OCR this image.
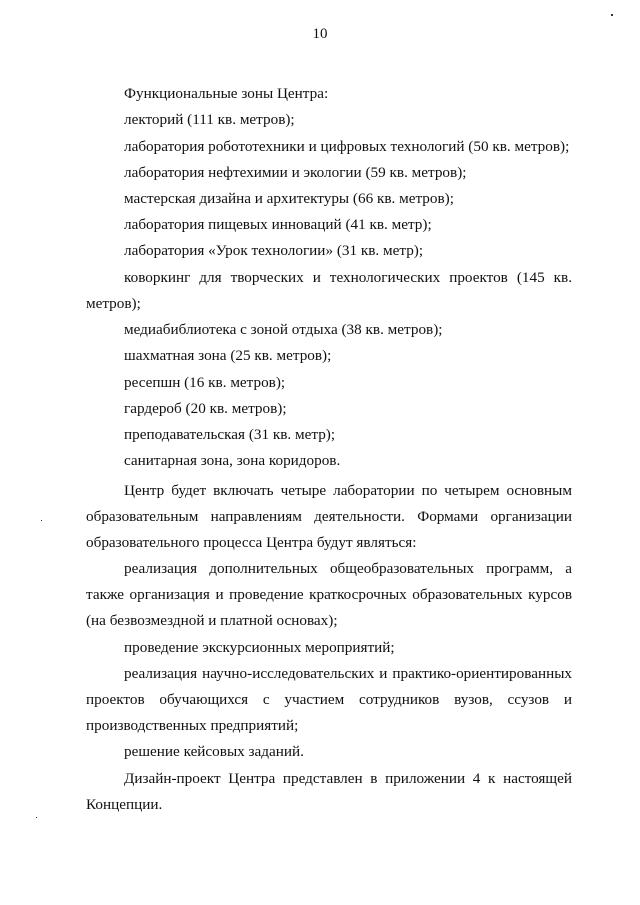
10
Функциональные зоны Центра:
лекторий (111 кв. метров);
лаборатория робототехники и цифровых технологий (50 кв. метров);
лаборатория нефтехимии и экологии (59 кв. метров);
мастерская дизайна и архитектуры (66 кв. метров);
лаборатория пищевых инноваций (41 кв. метр);
лаборатория «Урок технологии» (31 кв. метр);
коворкинг для творческих и технологических проектов (145 кв.
метров);
медиабиблиотека с зоной отдыха (38 кв. метров);
шахматная зона (25 кв. метров);
ресепшн (16 кв. метров);
гардероб (20 кв. метров);
преподавательская (31 кв. метр);
санитарная зона, зона коридоров.
Центр будет включать четыре лаборатории по четырем основным
образовательным направлениям деятельности. Формами организации
образовательного процесса Центра будут являться:
реализация дополнительных общеобразовательных программ, а
также организация и проведение краткосрочных образовательных курсов
(на безвозмездной и платной основах);
проведение экскурсионных мероприятий;
реализация научно-исследовательских и практико-ориентированных
проектов обучающихся с участием сотрудников вузов, ссузов и
производственных предприятий;
решение кейсовых заданий.
Дизайн-проект Центра представлен в приложении 4 к настоящей
Концепции.
